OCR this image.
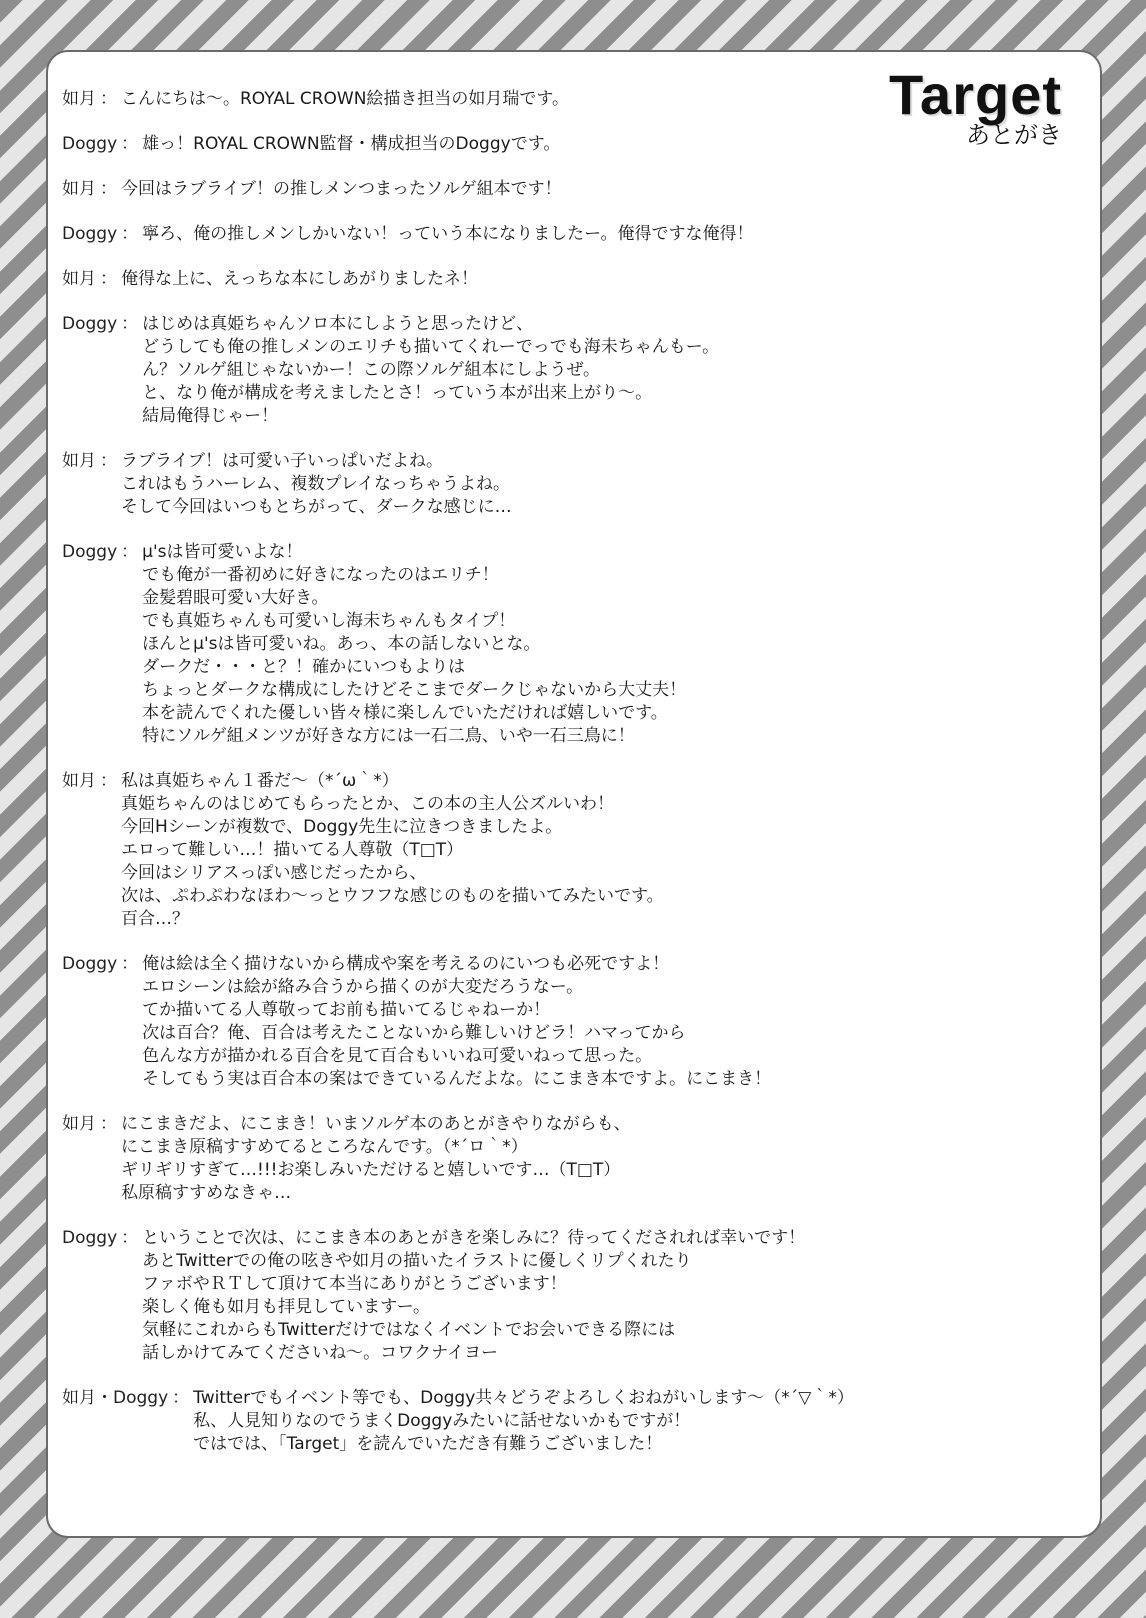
Target
あとがき
如月 ： こんにちは～。ROYAL CROWN絵描き担当の如月瑞です。
Doggy ： 雄っ！ROYAL CROWN監督・構成担当のDoggyです。
如月 ： 今回はラブライブ！の推しメンつまったソルゲ組本です！
Doggy ： 寧ろ、俺の推しメンしかいない！っていう本になりましたー。俺得ですな俺得！
如月 ： 俺得な上に、えっちな本にしあがりましたネ！
Doggy ： はじめは真姫ちゃんソロ本にしようと思ったけど、
どうしても俺の推しメンのエリチも描いてくれーでっでも海未ちゃんもー。
ん？ソルゲ組じゃないかー！この際ソルゲ組本にしようぜ。
と、なり俺が構成を考えましたとさ！っていう本が出来上がり～。
結局俺得じゃー！
如月 ： ラブライブ！は可愛い子いっぱいだよね。
これはもうハーレム、複数プレイなっちゃうよね。
そして今回はいつもとちがって、ダークな感じに…
Doggy ： μ'sは皆可愛いよな！
でも俺が一番初めに好きになったのはエリチ！
金髪碧眼可愛い大好き。
でも真姫ちゃんも可愛いし海未ちゃんもタイプ！
ほんとμ'sは皆可愛いね。あっ、本の話しないとな。
ダークだ・・・と？！確かにいつもよりは
ちょっとダークな構成にしたけどそこまでダークじゃないから大丈夫！
本を読んでくれた優しい皆々様に楽しんでいただければ嬉しいです。
特にソルゲ組メンツが好きな方には一石二鳥、いや一石三鳥に！
如月 ： 私は真姫ちゃん１番だ～（*´ω｀*）
真姫ちゃんのはじめてもらったとか、この本の主人公ズルいわ！
今回Hシーンが複数で、Doggy先生に泣きつきましたよ。
エロって難しい…！描いてる人尊敬（T□T）
今回はシリアスっぽい感じだったから、
次は、ぷわぷわなほわ～っとウフフな感じのものを描いてみたいです。
百合…？
Doggy ： 俺は絵は全く描けないから構成や案を考えるのにいつも必死ですよ！
エロシーンは絵が絡み合うから描くのが大変だろうなー。
てか描いてる人尊敬ってお前も描いてるじゃねーか！
次は百合？俺、百合は考えたことないから難しいけどラ！ハマってから
色んな方が描かれる百合を見て百合もいいね可愛いねって思った。
そしてもう実は百合本の案はできているんだよな。にこまき本ですよ。にこまき！
如月 ： にこまきだよ、にこまき！いまソルゲ本のあとがきやりながらも、
にこまき原稿すすめてるところなんです。（*´ロ｀*）
ギリギリすぎて…!!!お楽しみいただけると嬉しいです…（T□T）
私原稿すすめなきゃ…
Doggy ： ということで次は、にこまき本のあとがきを楽しみに？待ってくだされれば幸いです！
あとTwitterでの俺の呟きや如月の描いたイラストに優しくリプくれたり
ファボやＲＴして頂けて本当にありがとうございます！
楽しく俺も如月も拝見していますー。
気軽にこれからもTwitterだけではなくイベントでお会いできる際には
話しかけてみてくださいね～。コワクナイヨー
如月・Doggy ： Twitterでもイベント等でも、Doggy共々どうぞよろしくおねがいします～（*´▽｀*）
私、人見知りなのでうまくDoggyみたいに話せないかもですが！
ではでは、「Target」を読んでいただき有難うございました！
